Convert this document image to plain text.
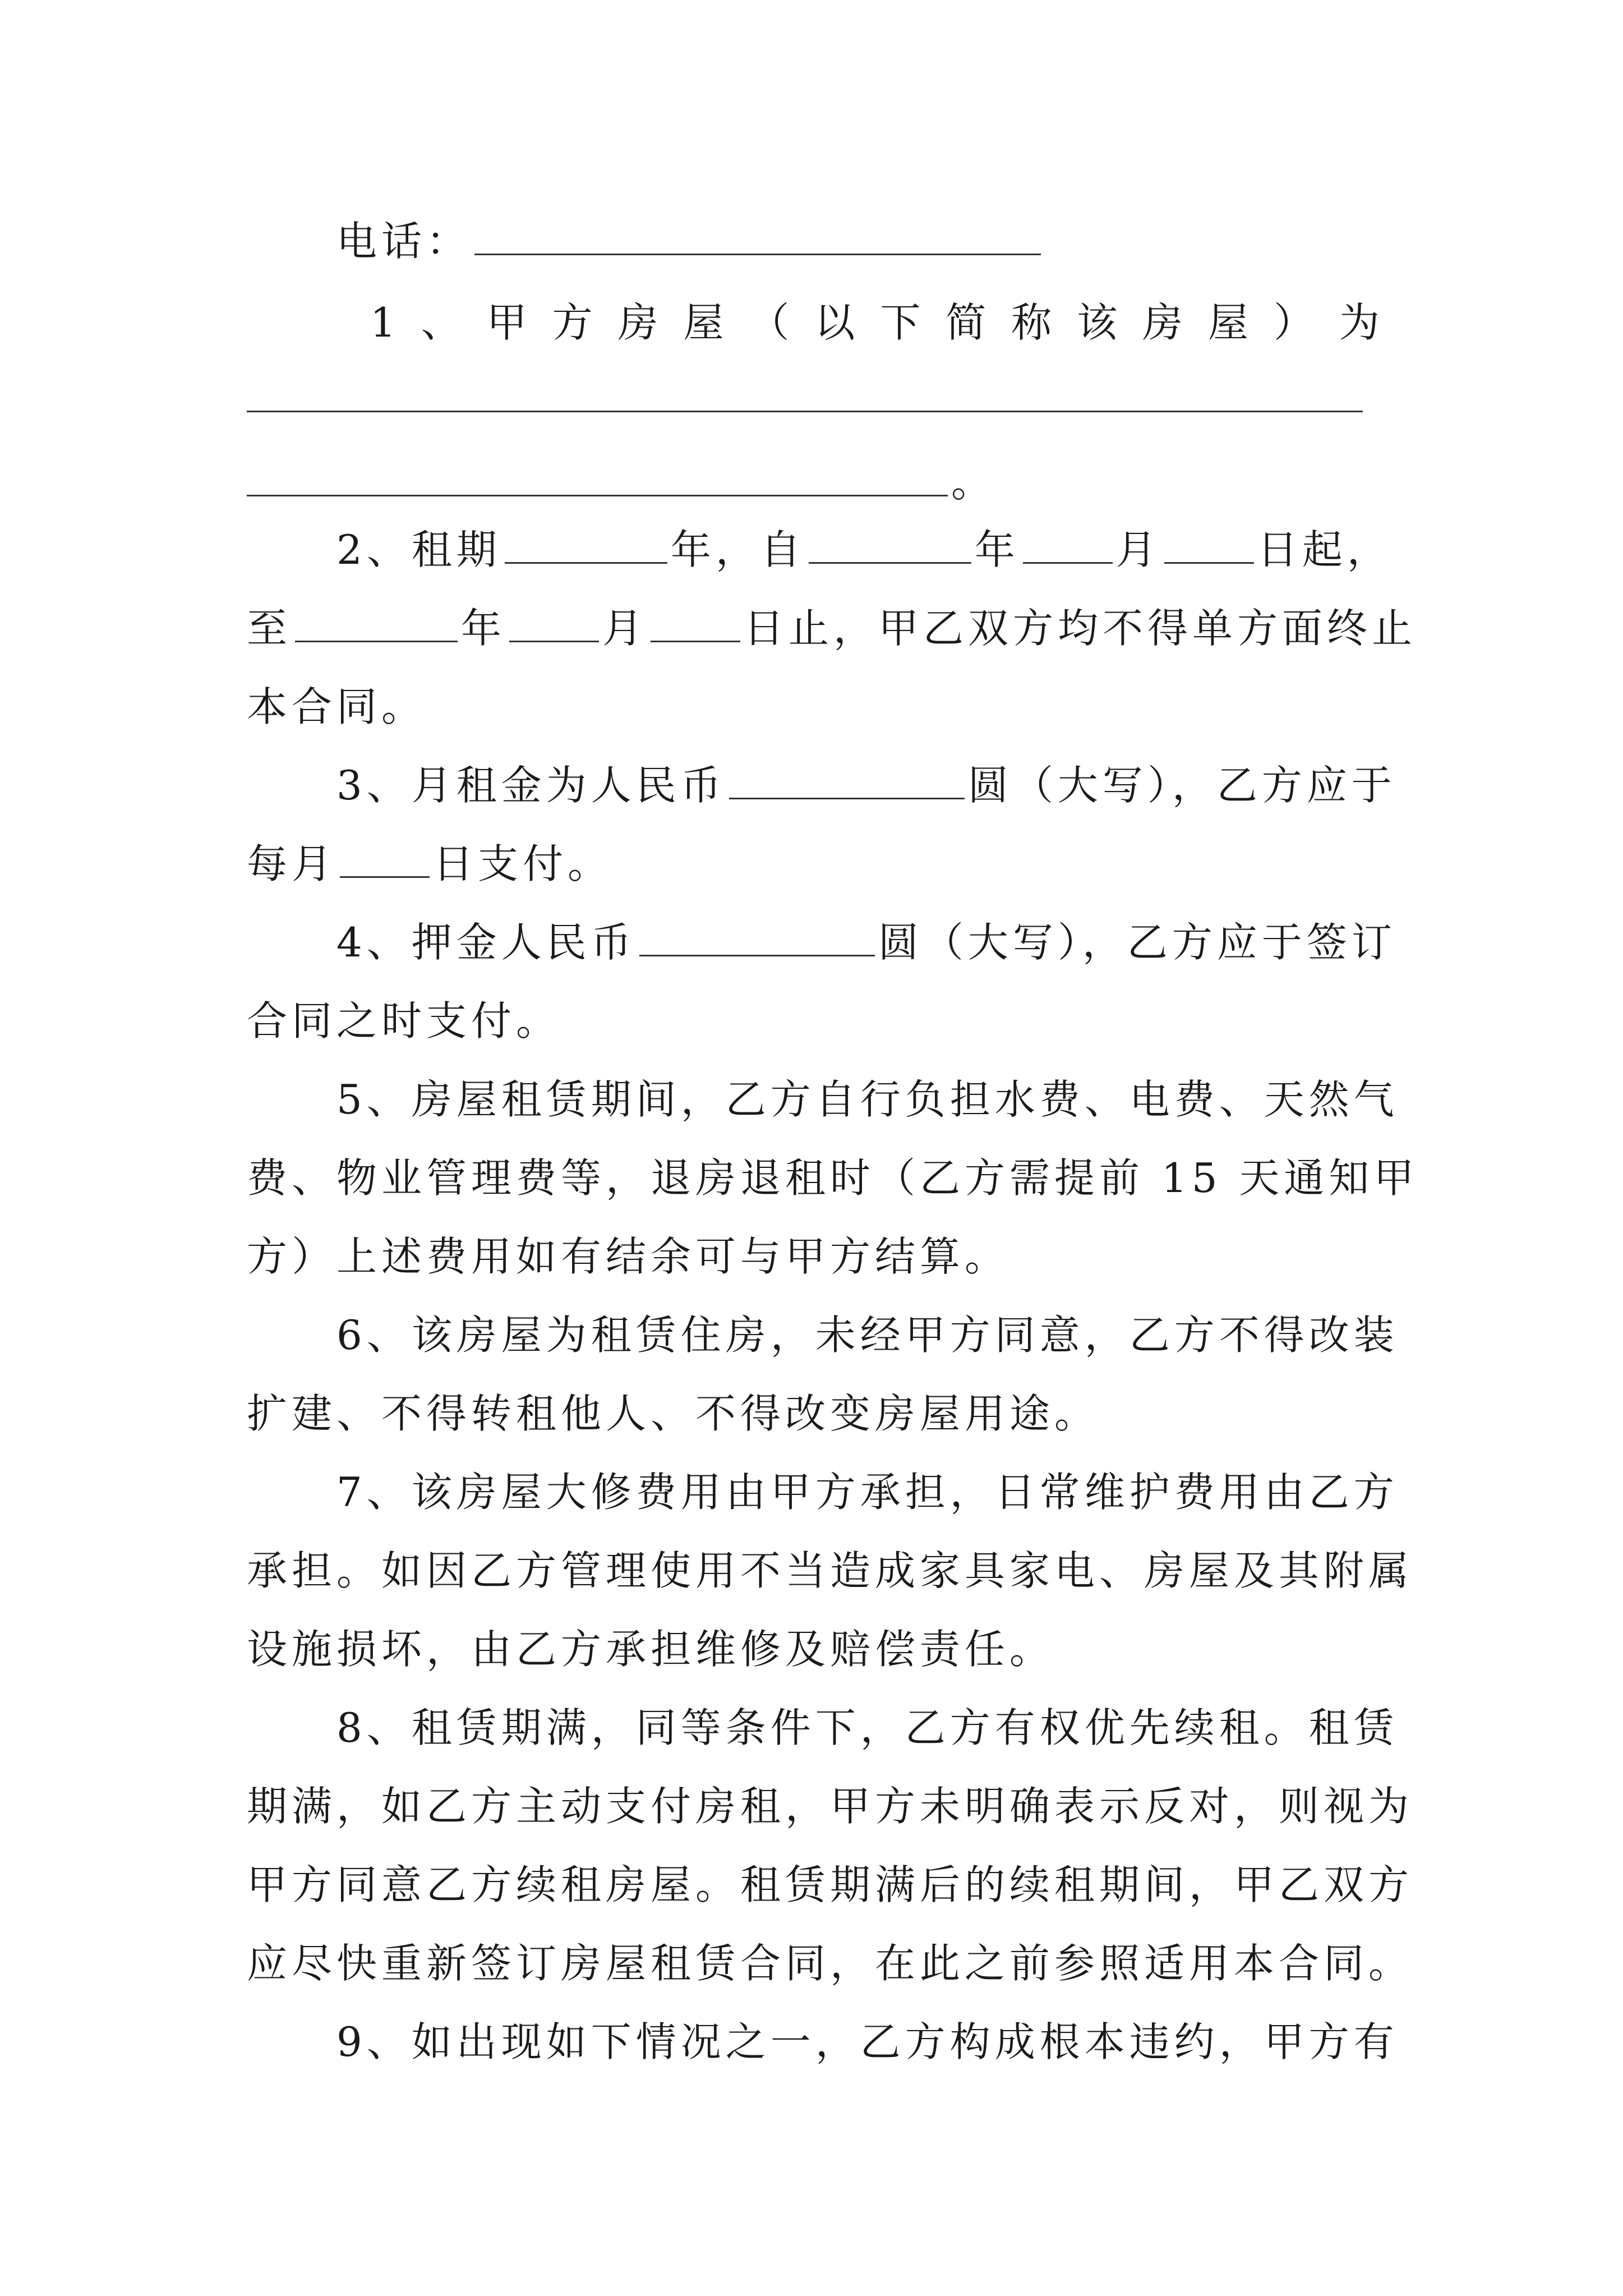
电话：
1 、 甲 方 房 屋 （ 以 下 简 称 该 房 屋 ） 为
。
2、租期	年，自	年 月 日起，
至	年 月 日止，甲乙双方均不得单方面终止
本合同。
3、月租金为人民币	圆（大写），乙方应于
每月 日支付。
4、押金人民币	圆（大写），乙方应于签订
合同之时支付。
5、房屋租赁期间，乙方自行负担水费、电费、天然气
费、物业管理费等，退房退租时（乙方需提前 15 天通知甲
方）上述费用如有结余可与甲方结算。
6、该房屋为租赁住房，未经甲方同意，乙方不得改装
扩建、不得转租他人、不得改变房屋用途。
7、该房屋大修费用由甲方承担，日常维护费用由乙方
承担。如因乙方管理使用不当造成家具家电、房屋及其附属
设施损坏，由乙方承担维修及赔偿责任。
8、租赁期满，同等条件下，乙方有权优先续租。租赁
期满，如乙方主动支付房租，甲方未明确表示反对，则视为
甲方同意乙方续租房屋。租赁期满后的续租期间，甲乙双方
应尽快重新签订房屋租赁合同，在此之前参照适用本合同。
9、如出现如下情况之一，乙方构成根本违约，甲方有
